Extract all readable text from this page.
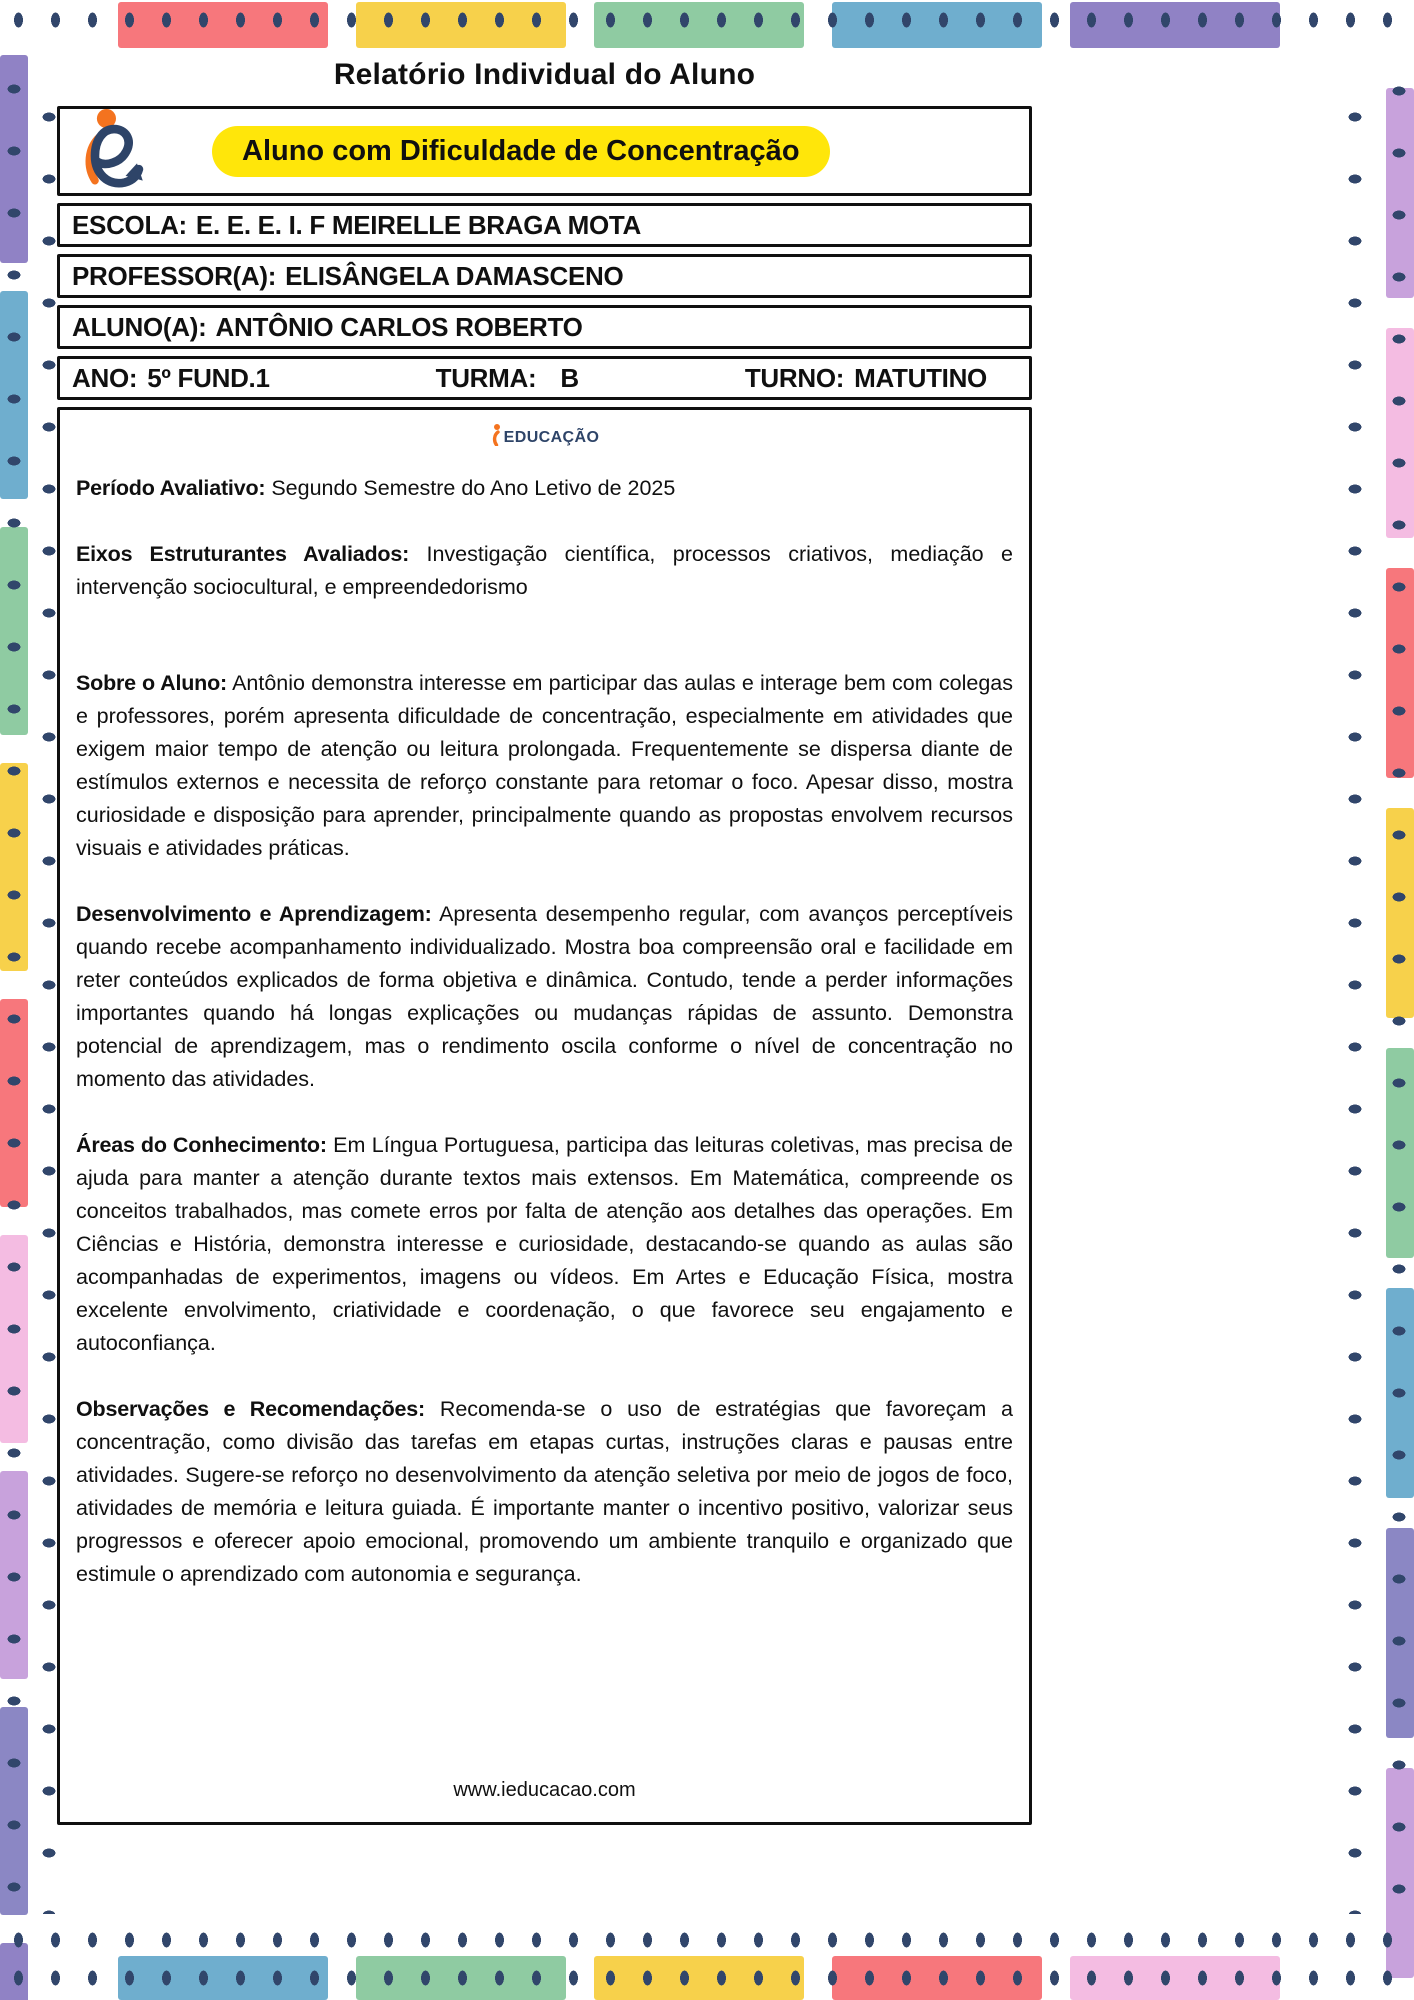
Relatório Individual do Aluno
Aluno com Dificuldade de Concentração
ESCOLA: E. E. E. I. F MEIRELLE BRAGA MOTA
PROFESSOR(A): ELISÂNGELA DAMASCENO
ALUNO(A): ANTÔNIO CARLOS ROBERTO
ANO: 5º FUND.1	TURMA: B	TURNO: MATUTINO
EDUCAÇÃO

Período Avaliativo: Segundo Semestre do Ano Letivo de 2025

Eixos Estruturantes Avaliados: Investigação científica, processos criativos, mediação e intervenção sociocultural, e empreendedorismo

Sobre o Aluno: Antônio demonstra interesse em participar das aulas e interage bem com colegas e professores, porém apresenta dificuldade de concentração, especialmente em atividades que exigem maior tempo de atenção ou leitura prolongada. Frequentemente se dispersa diante de estímulos externos e necessita de reforço constante para retomar o foco. Apesar disso, mostra curiosidade e disposição para aprender, principalmente quando as propostas envolvem recursos visuais e atividades práticas.

Desenvolvimento e Aprendizagem: Apresenta desempenho regular, com avanços perceptíveis quando recebe acompanhamento individualizado. Mostra boa compreensão oral e facilidade em reter conteúdos explicados de forma objetiva e dinâmica. Contudo, tende a perder informações importantes quando há longas explicações ou mudanças rápidas de assunto. Demonstra potencial de aprendizagem, mas o rendimento oscila conforme o nível de concentração no momento das atividades.

Áreas do Conhecimento: Em Língua Portuguesa, participa das leituras coletivas, mas precisa de ajuda para manter a atenção durante textos mais extensos. Em Matemática, compreende os conceitos trabalhados, mas comete erros por falta de atenção aos detalhes das operações. Em Ciências e História, demonstra interesse e curiosidade, destacando-se quando as aulas são acompanhadas de experimentos, imagens ou vídeos. Em Artes e Educação Física, mostra excelente envolvimento, criatividade e coordenação, o que favorece seu engajamento e autoconfiança.

Observações e Recomendações: Recomenda-se o uso de estratégias que favoreçam a concentração, como divisão das tarefas em etapas curtas, instruções claras e pausas entre atividades. Sugere-se reforço no desenvolvimento da atenção seletiva por meio de jogos de foco, atividades de memória e leitura guiada. É importante manter o incentivo positivo, valorizar seus progressos e oferecer apoio emocional, promovendo um ambiente tranquilo e organizado que estimule o aprendizado com autonomia e segurança.

www.ieducacao.com
